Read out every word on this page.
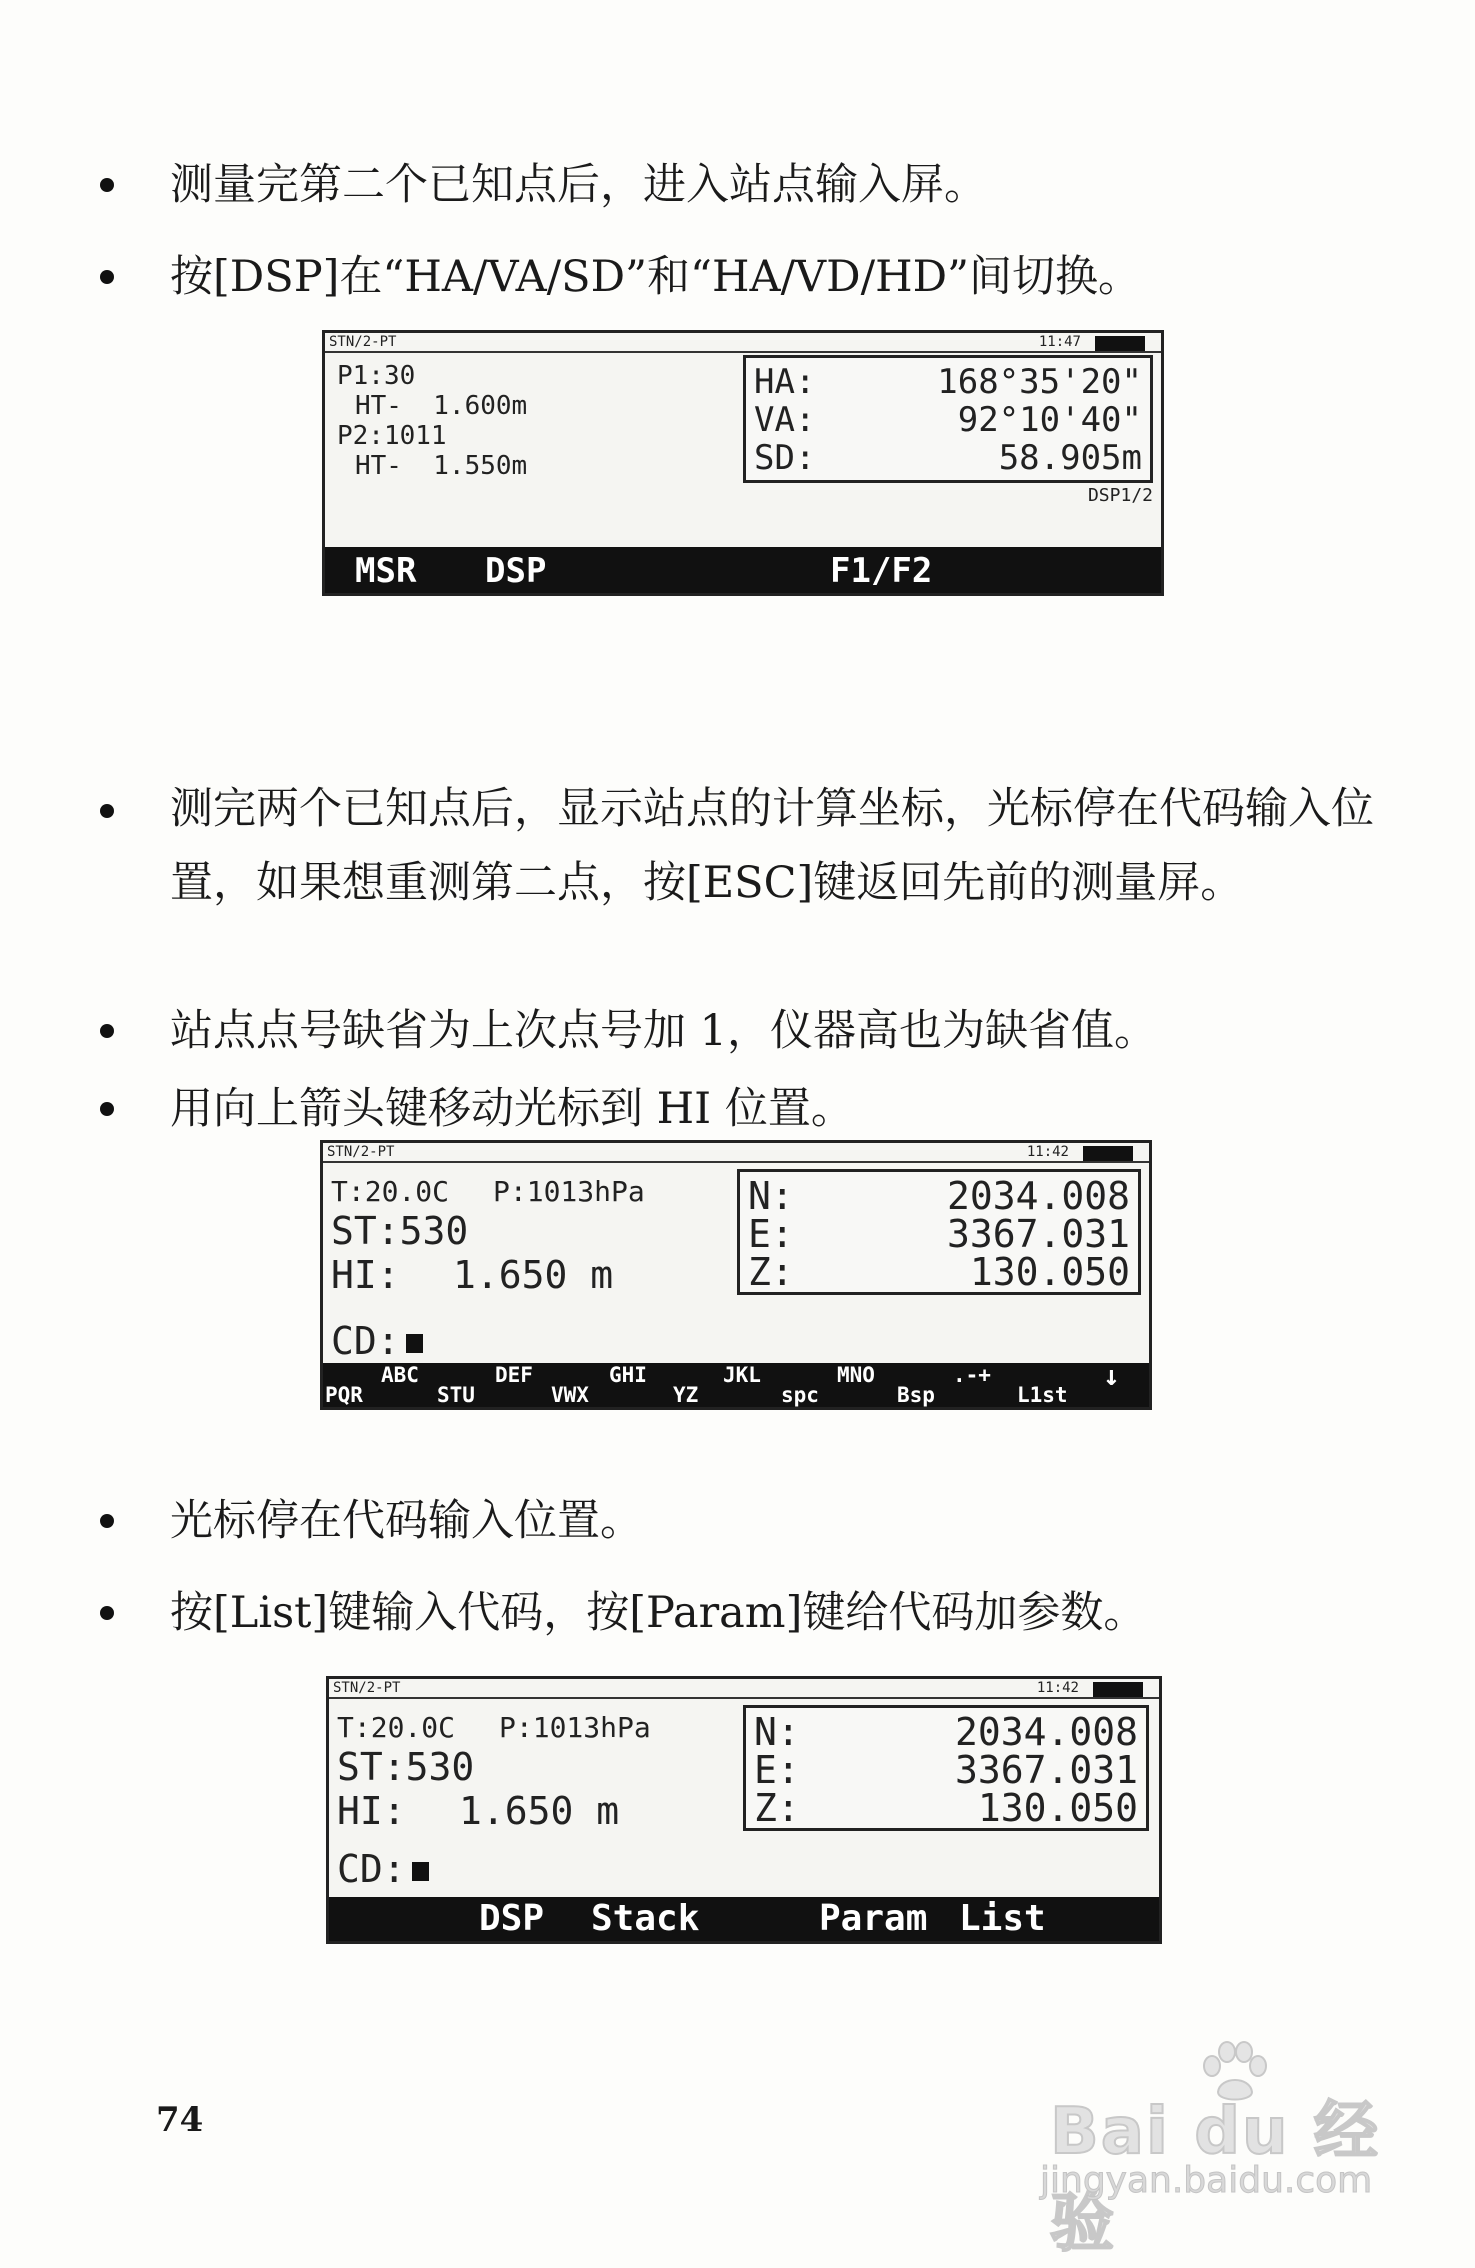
测量完第二个已知点后，进入站点输入屏。
按[DSP]在“HA/VA/SD”和“HA/VD/HD”间切换。
STN/2-PT	11:47
P1:30
HT-  1.600m
P2:1011
HT-  1.550m
HA:	168°35'20"
VA:	92°10'40"
SD:	58.905m
DSP1/2
MSR DSP	F1/F2
测完两个已知点后，显示站点的计算坐标，光标停在代码输入位置，如果想重测第二点，按[ESC]键返回先前的测量屏。
站点点号缺省为上次点号加 1，仪器高也为缺省值。
用向上箭头键移动光标到 HI 位置。
STN/2-PT	11:42
T:20.0C P:1013hPa
ST:530
HI: 1.650 m
CD:
N:	2034.008
E:	3367.031
Z:	130.050
ABC	DEF	GHI	JKL	MNO	.-+	↓
PQR	STU	VWX	YZ	spc	Bsp	L1st
光标停在代码输入位置。
按[List]键输入代码，按[Param]键给代码加参数。
STN/2-PT	11:42
T:20.0C P:1013hPa
ST:530
HI: 1.650 m
CD:
N:	2034.008
E:	3367.031
Z:	130.050
DSP Stack	Param List
74	Bai du 经验
jingyan.baidu.com
